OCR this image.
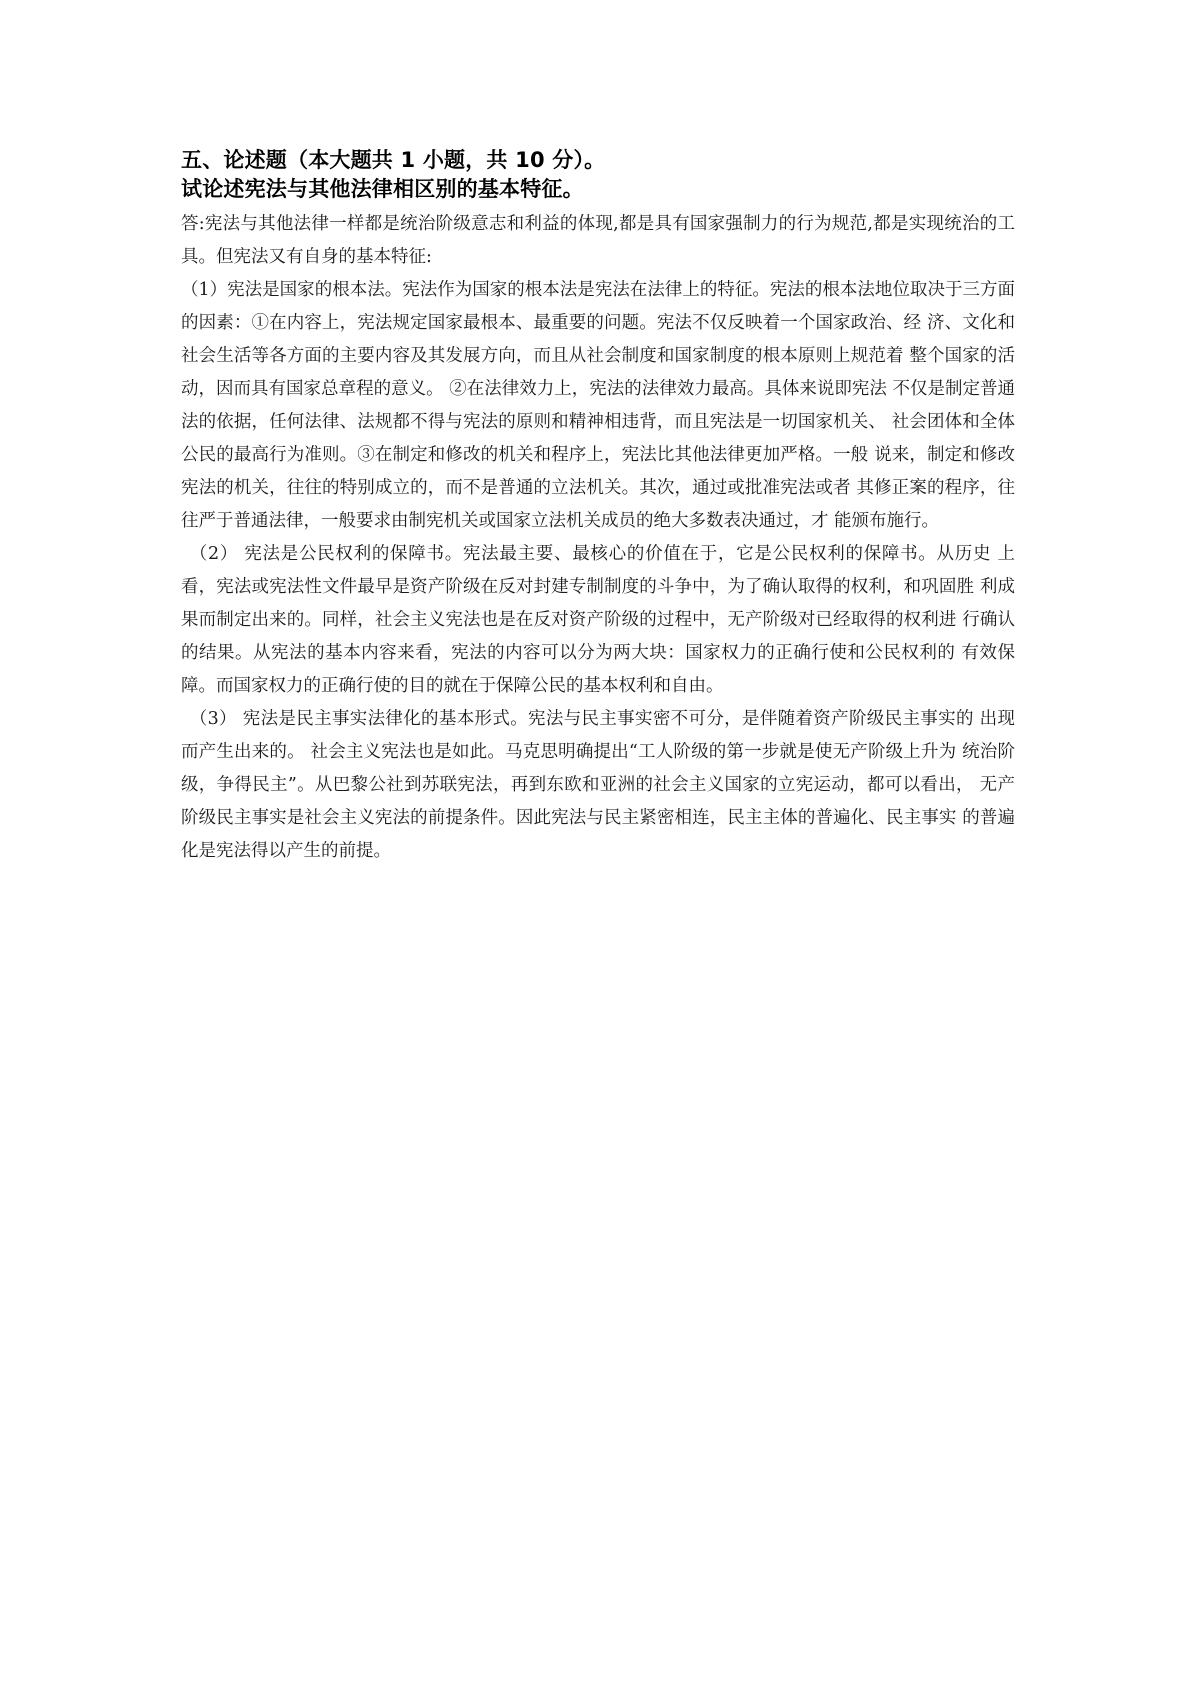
五、论述题（本大题共 1 小题，共 10 分）。
试论述宪法与其他法律相区别的基本特征。

答:宪法与其他法律一样都是统治阶级意志和利益的体现,都是具有国家强制力的行为规范,都是实现统治的工具。但宪法又有自身的基本特征:

（1）宪法是国家的根本法。宪法作为国家的根本法是宪法在法律上的特征。宪法的根本法地位取决于三方面的因素：①在内容上，宪法规定国家最根本、最重要的问题。宪法不仅反映着一个国家政治、经 济、文化和社会生活等各方面的主要内容及其发展方向，而且从社会制度和国家制度的根本原则上规范着 整个国家的活动，因而具有国家总章程的意义。 ②在法律效力上，宪法的法律效力最高。具体来说即宪法 不仅是制定普通法的依据，任何法律、法规都不得与宪法的原则和精神相违背，而且宪法是一切国家机关、 社会团体和全体公民的最高行为准则。③在制定和修改的机关和程序上，宪法比其他法律更加严格。一般 说来，制定和修改宪法的机关，往往的特别成立的，而不是普通的立法机关。其次，通过或批准宪法或者 其修正案的程序，往往严于普通法律，一般要求由制宪机关或国家立法机关成员的绝大多数表决通过，才 能颁布施行。

（2） 宪法是公民权利的保障书。宪法最主要、最核心的价值在于，它是公民权利的保障书。从历史 上看，宪法或宪法性文件最早是资产阶级在反对封建专制制度的斗争中，为了确认取得的权利，和巩固胜 利成果而制定出来的。同样，社会主义宪法也是在反对资产阶级的过程中，无产阶级对已经取得的权利进 行确认的结果。从宪法的基本内容来看，宪法的内容可以分为两大块：国家权力的正确行使和公民权利的 有效保障。而国家权力的正确行使的目的就在于保障公民的基本权利和自由。

（3） 宪法是民主事实法律化的基本形式。宪法与民主事实密不可分，是伴随着资产阶级民主事实的 出现而产生出来的。 社会主义宪法也是如此。马克思明确提出“工人阶级的第一步就是使无产阶级上升为 统治阶级，争得民主”。从巴黎公社到苏联宪法，再到东欧和亚洲的社会主义国家的立宪运动，都可以看出， 无产阶级民主事实是社会主义宪法的前提条件。因此宪法与民主紧密相连，民主主体的普遍化、民主事实 的普遍化是宪法得以产生的前提。
